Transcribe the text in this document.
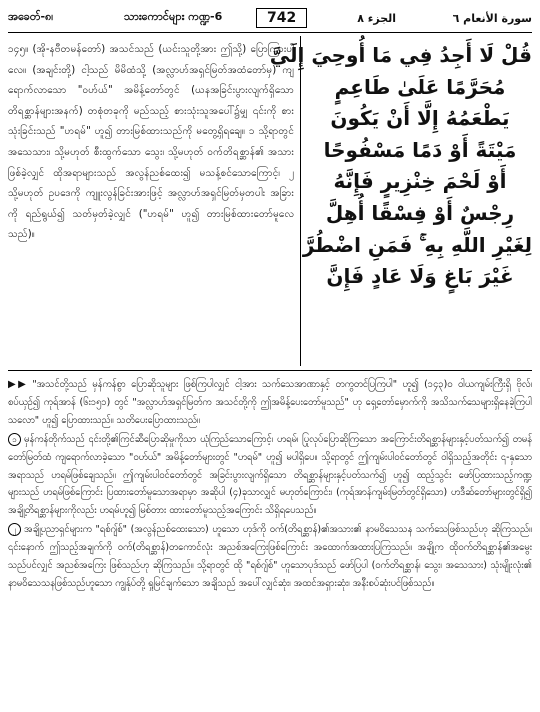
အခေတ်-၈၊	သားကောင်များ ကဏ္ဍ-6	742	الجزء ٨	سورة الأنعام ٦

၁၄၅။ (အို-နဗီတမန်တော်) အသင်သည် (ယင်းသူတို့အား ဤသို့) ပြောကြားပါလေ။ (အချင်းတို့) ငါ့သည် မိမိထံသို့ (အလ္လာဟ်အရှင်မြတ်အထံတော်မှ) ကျရောက်လာသော "ဝဟ်ယ်" အမိန့်တော်တွင် (ယနအခြင်းပွားလျက်ရှိသော တိရစ္ဆာန်များအနက်) တစုံတခုကို မည်သည့် စားသုံးသူအပေါ်၌မျှ ၎င်းကို စားသုံးခြင်းသည် "ဟရမ်" ဟူ၍ တားမြစ်ထားသည်ကို မတွေ့ရှိရချေ။ ၁ သို့ရာတွင် အသေသား၊ သို့မဟုတ် စီးထွက်သော သွေး၊ သို့မဟုတ် ဝက်တိရစ္ဆာန်၏ အသားဖြစ်ခဲ့လျှင် ထိုအရာများသည် အလွန်ညစ်ထေး၍ မသန့်စင်သောကြောင့်၊ ၂ သို့မဟုတ် ဥပဒေကို ကျူးလွန်ခြင်းအားဖြင့် အလ္လာဟ်အရှင်မြတ်မှတပါး အခြားကို ရည်ရွယ်၍ သတ်မှတ်ခဲ့လျှင် ("ဟရမ်" ဟူ၍ တားမြစ်ထားတော်မူလေသည်)။

قُلْ لَا أَجِدُ فِي مَا أُوحِيَ إِلَيَّ
مُحَرَّمًا عَلَىٰ طَاعِمٍ
يَطْعَمُهُ إِلَّا أَنْ يَكُونَ
مَيْتَةً أَوْ دَمًا مَسْفُوحًا
أَوْ لَحْمَ خِنْزِيرٍ فَإِنَّهُ
رِجْسٌ أَوْ فِسْقًا أُهِلَّ
لِغَيْرِ اللَّهِ بِهِ ۚ فَمَنِ اضْطُرَّ
غَيْرَ بَاغٍ وَلَا عَادٍ فَإِنَّ

▶▶ "အသင်တို့သည် မှန်ကန်စွာ ပြောဆိုသူများ ဖြစ်ကြပါလျှင် ငါ့အား သက်သေအာဏာနှင့် တကွတင်ပြကြပါ" ဟူ၍ (၁၄၃)ဝ ဝါယကျမ်းကြီးရှိ ဗိုလ်၊ စပ်ယှဉ်၍ ကုရ်အာန် (၆း၁၅၁) တွင် "အလ္လာဟ်အရှင်မြတ်က အသင်တို့ကို ဤအမိန့်ပေးတော်မူသည်" ဟု ရှေ့တော်မှောက်ကို အသိသက်သေများရှိနေခဲ့ကြပါသလော" ဟူ၍ ပြောထားသည်။ သတိပေးပြောထားသည်။

၁ မှန်ကန်တိုက်သည် ၎င်းတို့၏ကြင်ဆီပြောဆိုမှုကိုသာ ယုံကြည်သောကြောင့်၊ ဟရမ်၊ ပြုလုပ်ပြောဆိုကြသော အကြောင်းတိရစ္ဆာန်များနှင့်ပတ်သက်၍ တမန်တော်မြတ်ထံ ကျရောက်လာခဲ့သော "ဝဟ်ယ်" အမိန့်တော်များတွင် "ဟရမ်" ဟူ၍ မပါရှိပေ။ သို့ရာတွင် ဤကျမ်းပါဝင်တော်တွင် ဝါရှိသည့်အတိုင်း ၎-နှသောအရာသည် ဟရမ်ဖြစ်ချေသည်။ ဤကျမ်းပါဝင်တော်တွင် အခြင်းပွားလျက်ရှိသော တိရစ္ဆာန်များနှင့်ပတ်သက်၍ ဟူ၍ ထည့်သွင်း ဖော်ပြထားသည့်ကဏ္ဍများသည် ဟရမ်ဖြစ်ကြောင်း ပြထားတော်မူသောအရာမှာ အဆိုပါ (၄)ခုသာလျှင် မဟုတ်ကြောင်း၊ (ကုရ်အာန်ကျမ်းမြတ်တွင်ရှိသော) ဟဒီဆ်တော်များတွင်ရှိ၍ အချို့တိရစ္ဆာန်များကိုလည်း ဟရမ်ဟူ၍ မြစ်တား ထားတော်မူသည့်အကြောင်း သိရှိရပေသည်။

၂ အချို့ပညာရှင်များက "ရစ်ဂျ်စ်" (အလွန်ညစ်ထေးသော) ဟူသော ဟုဒ်ကို ဝက်(တိရစ္ဆာန်)၏အသား၏ နာမဝိသေသန သက်သေဖြစ်သည်ဟု ဆိုကြသည်။ ၎င်းနောက် ဤသည့်အချက်ကို ဝက်(တိရစ္ဆာန်)တကောင်လုံး အညစ်အကြေးဖြစ်ကြောင်း အထောက်အထားပြကြသည်။ အချို့က ထိုဝက်တိရစ္ဆာန်၏အမွေးသည်ပင်လျှင် အညစ်အကြေး ဖြစ်သည်ဟု ဆိုကြသည်။ သို့ရာတွင် ထို "ရစ်ဂျ်စ်" ဟူသောပုဒ်သည် ဖော်ပြပါ (ဝက်တိရစ္ဆာန်၊ သွေး၊ အသေသား) သုံးမျိုးလုံး၏ နာမဝိသေသနဖြစ်သည်ဟူသော ကျွန်ုပ်တို့ ရှုမြင်ချက်သော အချိသည် အပေါ်လျှင်ဆုံး၊ အထင်အရှားဆုံး၊ အနီးစပ်ဆုံးပင်ဖြစ်သည်။
